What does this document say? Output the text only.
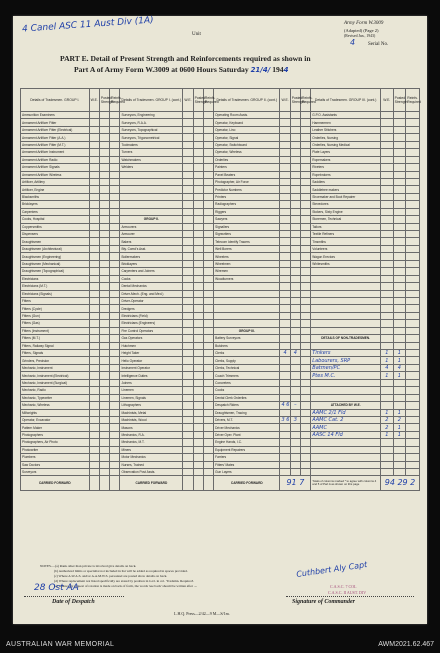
4 Canel ASC 11 Aust Div (1A)	Unit
Army Form W.3009
(Adapted) (Page 2)
(Revised Jan., 1943)
4	Serial No.
PART E. Detail of Present Strength and Reinforcements required as shown in
Part A of Army Form W.3009 at 0600 Hours Saturday 21/4/ 1944
Details of Tradesmen. GROUP I.	W.E.	Posted Strength	Reinfs. Required	Details of Tradesmen. GROUP I. (cont.)	W.E.	Posted Strength	Reinfs. Required	Details of Tradesmen. GROUP II. (cont.)	W.E.	Posted Strength	Reinfs. Required	Details of Tradesmen. GROUP III. (cont.)	W.E.	Posted Strength	Reinfs. Required
Ammunition Examiners				Surveyors, Engineering				Operating Room Assts.				G.P.O. Assistants			
Armament Artificer Fitter				Surveyors, R.A.A.				Operator, Keyboard				Hammermen			
Armament Artificer Fitter (Electrical)				Surveyors, Topographical				Operator, Lino				Leather Stitchers			
Armament Artificer Fitter (A.A.)				Surveyors, Trigonometrical				Operator, Signal				Orderlies, Nursing			
Armament Artificer Fitter (M.T.)				Toolmakers				Operator, Switchboard				Orderlies, Nursing Medical			
Armament Artificer Instrument				Turners				Operator, Wireless				Plate Layers			
Armament Artificer Radio				Watchmakers				Orderlies				Ropemakers			
Armament Artificer Signals				Welders				Painters				Riveters			
Armament Artificer Wireless								Panel Beaters				Ropebrokers			
Artificer, Artillery								Photographer, Air Force				Saddlers			
Artificer, Engine								Predictor Numbers				Saddletree makers			
Blacksmiths								Printers				Shoemaker and Boot Repairer			
Bricklayers								Radiographers				Stevedores			
Carpenters								Riggers				Stokers, Sixty Engine			
Cooks, Hospital				GROUP II.				Sawyers				Storemen, Technical			
Coppersmiths				Armourers				Signallers				Tailors			
Dispensers				Armourer				Signwriters				Textile Refiners			
Draughtsmen				Bakers				Telecom Identify Tracers				Tinsmiths			
Draughtsmen (Architectural)				Bty. Comd's Asst.				Well Borers				Volunteers			
Draughtsmen (Engineering)				Boilermakers				Wheelers				Wagon Erectors			
Draughtsmen (Mechanical)				Bricklayers				Wheelmen				Whitesmiths			
Draughtsmen (Topographical)				Carpenters and Joiners				Wiremen							
Electricians				Cooks				Woodturners							
Electricians (M.T.)				Dental Mechanics											
Electricians (Signals)				Driver-Mech. (Eng. and Med.)											
Fitters				Driver-Operator											
Fitters (Cycle)				Dredgers											
Fitters (Gun)				Electricians (Field)											
Fitters (Gas)				Electricians (Engineers)											
Fitters (Instrument)				Fire Control Operators				GROUP III.							
Fitters (M.T.)				Gas Operators				Battery Surveyors				DETAILS OF NON-TRADESMEN.			
Fitters, Railway Signal				Hutchmen				Butchers							
Fitters, Signals				Height Taker				Clerks	4	4		Tinkers	1	1	
Grinders, Precision				Helio Operator				Clerks, Supply				Labourers, SRP	1	1	
Mechanic, Instrument				Instrument Operator				Clerks, Technical				Batmen/PC	4	4	
Mechanic, Instrument (Electrical)				Intelligence Duties				Coach Trimmers				Ptes M.C.	1	1	
Mechanic, Instrument (Surgical)				Joiners				Concreters							
Mechanic, Radio				Linemen				Cooks							
Mechanic, Typewriter				Linemen, Signals				Dental Clerk Orderlies							
Mechanic, Wireless				Lithographers				Despatch Riders	4 6	–		ATTACHED BY W.E.			
Millwrights				Machinists, Metal				Draughtsmen, Tracing				AAMC 2/1 Fld	1	1	
Operator, Excavator				Machinists, Wood				Drivers, M.T.	3 6	3		AAMC Cat. 2	2	2	
Pattern Maker				Masons				Driver Mechanics				AAMC	2	1	
Photographers				Mechanics, R.A.				Driver Oper. Plant				AASC 14 Fld	1	1	
Photographers, Air Photo				Mechanics, M.T.				Engine Hands, I.C.							
Photowriter				Miners				Equipment Repairers							
Plumbers				Motor Mechanics				Farriers							
Saw Doctors				Nurses, Trained				Fitters' Mates							
Surveyors				Observation Post Assts.				Gun Layers							
CARRIED FORWARD				CARRIED FORWARD				CARRIED FORWARD	91 7			Totals of columns marked * to agree with columns 4 and 5 of Part A as shown on this page	94 29 2		
NOTES.—(a) Rank other than private is involved give details on back.
(b) Authorized limits or specialist not included in list will be added as required in spaces provided.
(c) Where A.W.A.S. and/or A.A.M.W.S. personnel are posted show details on back.
(d) Where replacement not listed specifically are stated by position in G.O. in col. 'Tradsmn. Required'.
(e) Where any request of rotation is made on back of form, the words 'see back' should be written after ....
28 Ost AA
Date of Despatch
Cuthbert Aly Capt
C.A.S.C. 7 COL
C.A.S.C. II AUST. DIV
Signature of Commander
L.H.Q. Press—2/42—9 M—S/1m.
AUSTRALIAN WAR MEMORIAL	AWM2021.62.467
